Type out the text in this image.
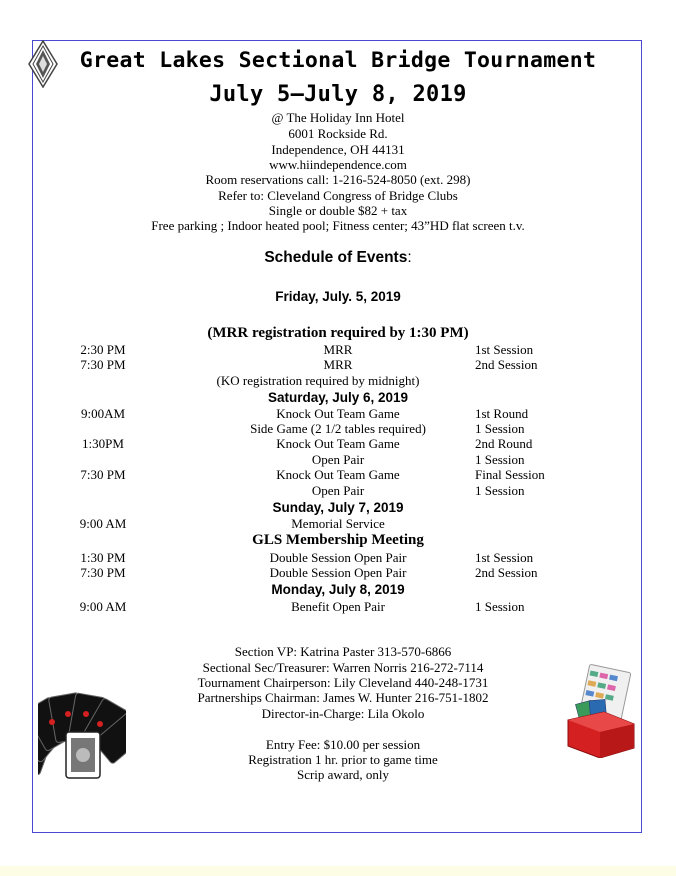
Great Lakes Sectional Bridge Tournament
July 5—July 8, 2019
@ The Holiday Inn Hotel
6001 Rockside Rd.
Independence, OH 44131
www.hiindependence.com
Room reservations call: 1-216-524-8050 (ext. 298)
Refer to: Cleveland Congress of Bridge Clubs
Single or double $82 + tax
Free parking ; Indoor heated pool; Fitness center; 43”HD flat screen t.v.
Schedule of Events:
Friday, July. 5, 2019
(MRR registration required by 1:30 PM)
2:30 PM	MRR	1st Session
7:30 PM	MRR	2nd Session
(KO registration required by midnight)
Saturday, July 6, 2019
9:00AM	Knock Out Team Game	1st Round
Side Game (2 1/2 tables required)	1 Session
1:30PM	Knock Out Team Game	2nd Round
Open Pair	1 Session
7:30 PM	Knock Out Team Game	Final Session
Open Pair	1 Session
Sunday, July 7, 2019
9:00 AM	Memorial Service
GLS Membership Meeting
1:30 PM	Double Session Open Pair	1st Session
7:30 PM	Double Session Open Pair	2nd Session
Monday, July 8, 2019
9:00 AM	Benefit Open Pair	1 Session
Section VP: Katrina Paster 313-570-6866
Sectional Sec/Treasurer: Warren Norris 216-272-7114
Tournament Chairperson: Lily Cleveland 440-248-1731
Partnerships Chairman: James W. Hunter 216-751-1802
Director-in-Charge: Lila Okolo
Entry Fee: $10.00 per session
Registration 1 hr. prior to game time
Scrip award, only
